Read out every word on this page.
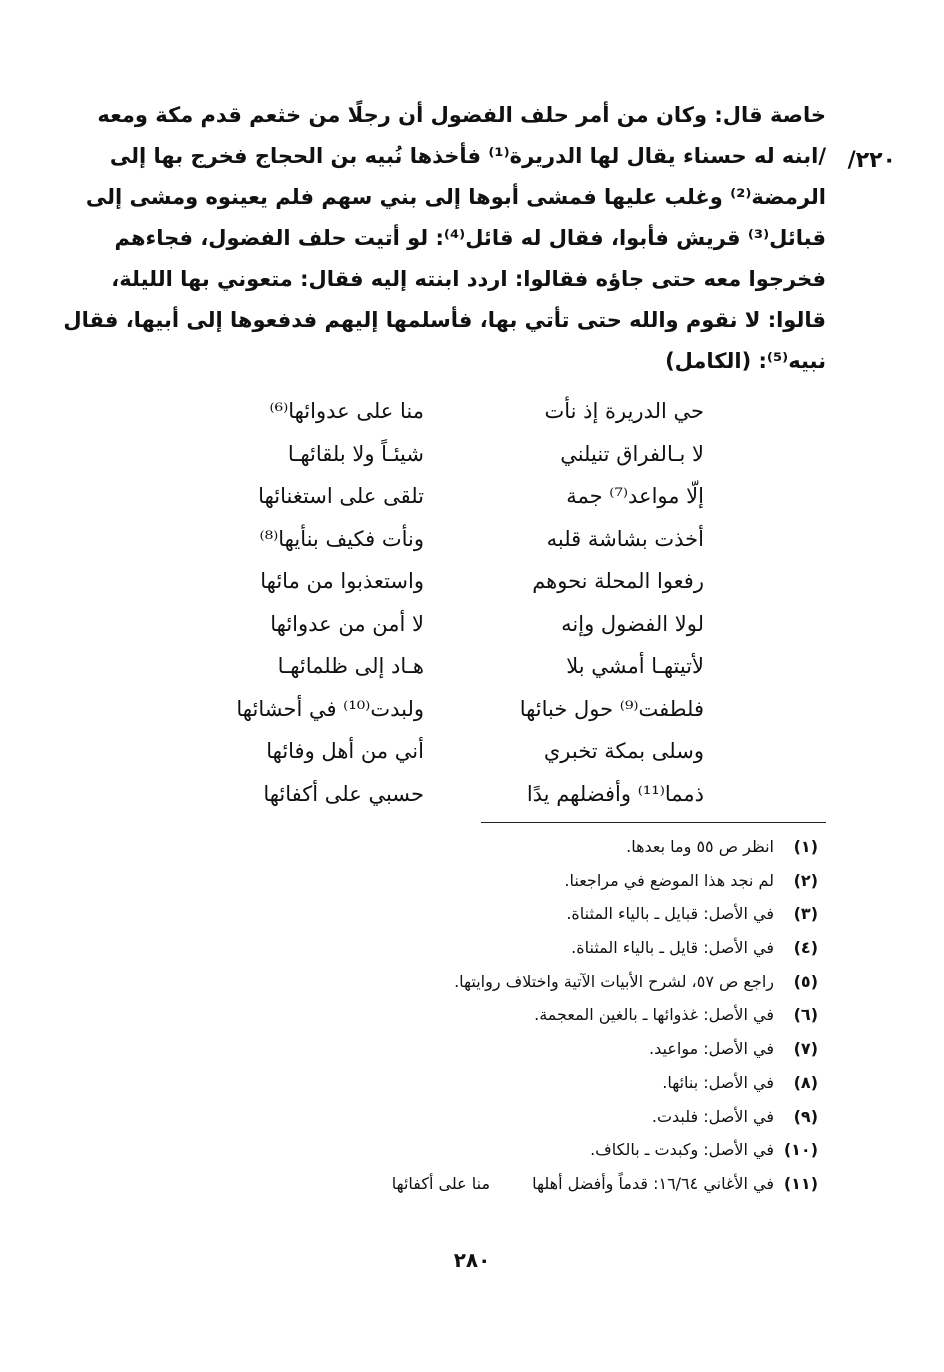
٢٢٠/
خاصة قال: وكان من أمر حلف الفضول أن رجلًا من خثعم قدم مكة ومعه
/ابنه له حسناء يقال لها الدريرة⁽¹⁾ فأخذها نُبيه بن الحجاج فخرج بها إلى
الرمضة⁽²⁾ وغلب عليها فمشى أبوها إلى بني سهم فلم يعينوه ومشى إلى
قبائل⁽³⁾ قريش فأبوا، فقال له قائل⁽⁴⁾: لو أتيت حلف الفضول، فجاءهم
فخرجوا معه حتى جاؤه فقالوا: اردد ابنته إليه فقال: متعوني بها الليلة،
قالوا: لا نقوم والله حتى تأتي بها، فأسلمها إليهم فدفعوها إلى أبيها، فقال
نبيه⁽⁵⁾: (الكامل)
حي الدريرة إذ نأت
منا على عدوائها⁽⁶⁾
لا بـالفراق تنيلني
شيئـاً ولا بلقائهـا
إلّا مواعد⁽⁷⁾ جمة
تلقى على استغنائها
أخذت بشاشة قلبه
ونأت فكيف بنأيها⁽⁸⁾
رفعوا المحلة نحوهم
واستعذبوا من مائها
لولا الفضول وإنه
لا أمن من عدوائها
لأتيتهـا أمشي بلا
هـاد إلى ظلمائهـا
فلطفت⁽⁹⁾ حول خبائها
ولبدت⁽¹⁰⁾ في أحشائها
وسلى بمكة تخبري
أني من أهل وفائها
ذمما⁽¹¹⁾ وأفضلهم يدًا
حسبي على أكفائها
(١)
انظر ص ٥٥ وما بعدها.
(٢)
لم نجد هذا الموضع في مراجعنا.
(٣)
في الأصل: قبايل ـ بالياء المثناة.
(٤)
في الأصل: قايل ـ بالياء المثناة.
(٥)
راجع ص ٥٧، لشرح الأبيات الآتية واختلاف روايتها.
(٦)
في الأصل: غذوائها ـ بالغين المعجمة.
(٧)
في الأصل: مواعيد.
(٨)
في الأصل: بنائها.
(٩)
في الأصل: فلبدت.
(١٠)
في الأصل: وكبدت ـ بالكاف.
(١١)
في الأغاني ١٦/٦٤: قدماً وأفضل أهلها
منا على أكفائها
٢٨٠
